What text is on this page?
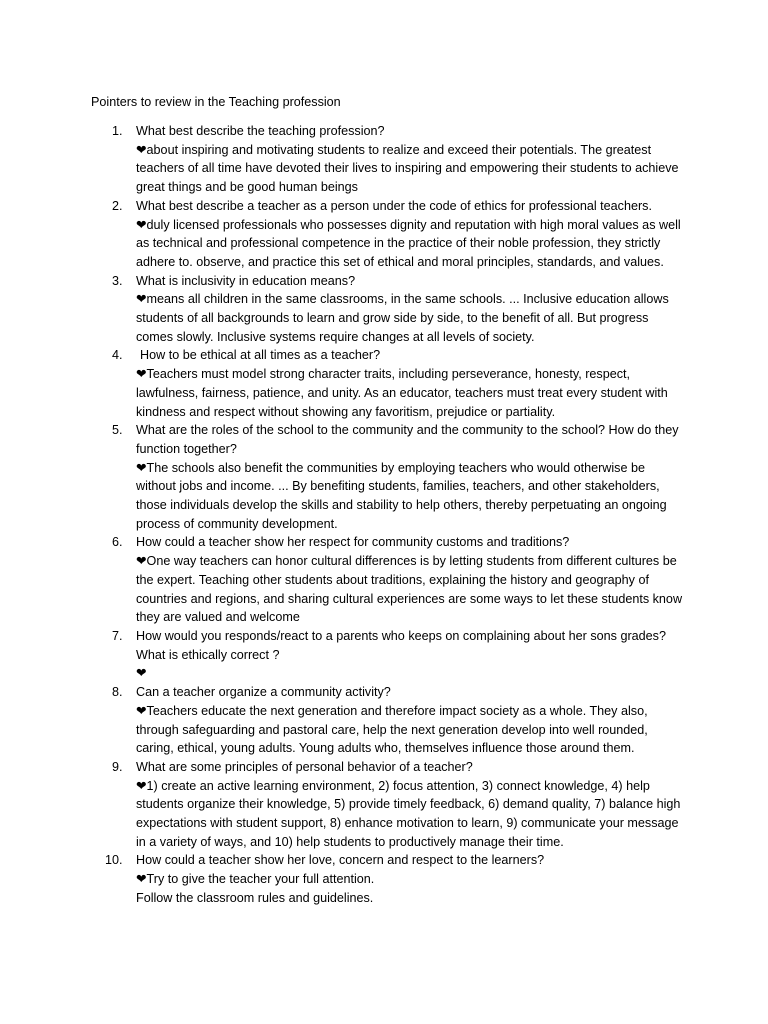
Pointers to review in the Teaching profession
1.	What best describe the teaching profession?
❤about inspiring and motivating students to realize and exceed their potentials. The greatest teachers of all time have devoted their lives to inspiring and empowering their students to achieve great things and be good human beings
2.	What best describe a teacher as a person under the code of ethics for professional teachers.
❤duly licensed professionals who possesses dignity and reputation with high moral values as well as technical and professional competence in the practice of their noble profession, they strictly adhere to. observe, and practice this set of ethical and moral principles, standards, and values.
3.	What is inclusivity in education means?
❤means all children in the same classrooms, in the same schools. ... Inclusive education allows students of all backgrounds to learn and grow side by side, to the benefit of all. But progress comes slowly. Inclusive systems require changes at all levels of society.
4.	How to be ethical at all times as a teacher?
❤Teachers must model strong character traits, including perseverance, honesty, respect, lawfulness, fairness, patience, and unity. As an educator, teachers must treat every student with kindness and respect without showing any favoritism, prejudice or partiality.
5.	What are the roles of the school to the community and the community to the school? How do they function together?
❤The schools also benefit the communities by employing teachers who would otherwise be without jobs and income. ... By benefiting students, families, teachers, and other stakeholders, those individuals develop the skills and stability to help others, thereby perpetuating an ongoing process of community development.
6.	How could a teacher show her respect for community customs and traditions?
❤One way teachers can honor cultural differences is by letting students from different cultures be the expert. Teaching other students about traditions, explaining the history and geography of countries and regions, and sharing cultural experiences are some ways to let these students know they are valued and welcome
7.	How would you responds/react to a parents who keeps on complaining about her sons grades? What is ethically correct ?
❤
8.	Can a teacher organize a community activity?
❤Teachers educate the next generation and therefore impact society as a whole. They also, through safeguarding and pastoral care, help the next generation develop into well rounded, caring, ethical, young adults. Young adults who, themselves influence those around them.
9.	What are some principles of personal behavior of a teacher?
❤1) create an active learning environment, 2) focus attention, 3) connect knowledge, 4) help students organize their knowledge, 5) provide timely feedback, 6) demand quality, 7) balance high expectations with student support, 8) enhance motivation to learn, 9) communicate your message in a variety of ways, and 10) help students to productively manage their time.
10.	How could a teacher show her love, concern and respect to the learners?
❤Try to give the teacher your full attention.
Follow the classroom rules and guidelines.
